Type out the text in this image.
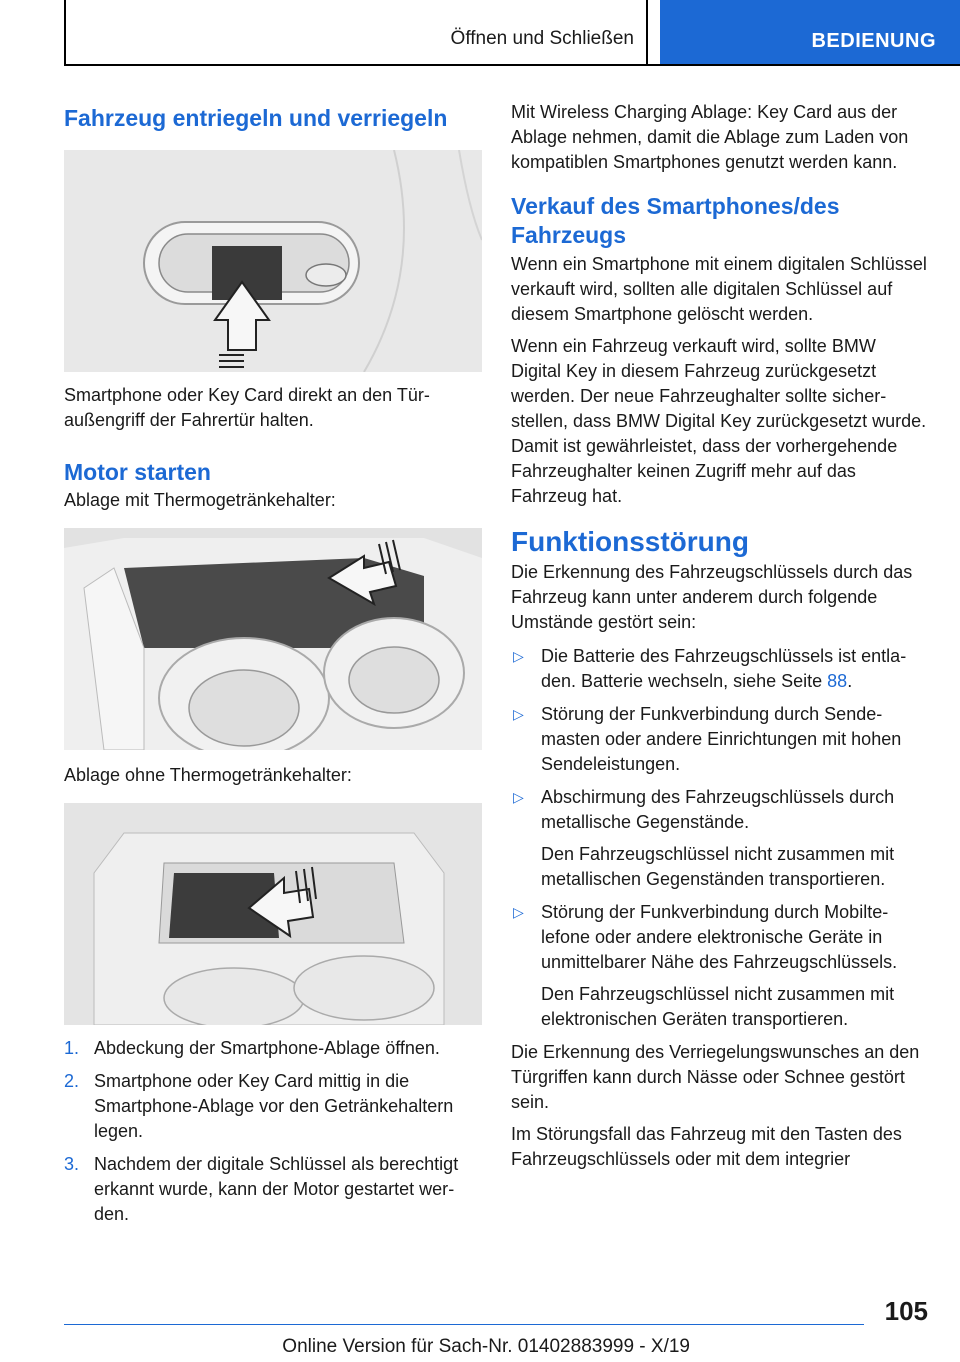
Öffnen und Schließen	BEDIENUNG
Fahrzeug entriegeln und verriegeln

Smartphone oder Key Card direkt an den Türaußengriff der Fahrertür halten.

Motor starten

Ablage mit Thermogetränkehalter:

Ablage ohne Thermogetränkehalter:

1. Abdeckung der Smartphone-Ablage öffnen.
2. Smartphone oder Key Card mittig in die Smartphone-Ablage vor den Getränkehaltern legen.
3. Nachdem der digitale Schlüssel als berechtigt erkannt wurde, kann der Motor gestartet werden.

Mit Wireless Charging Ablage: Key Card aus der Ablage nehmen, damit die Ablage zum Laden von kompatiblen Smartphones genutzt werden kann.

Verkauf des Smartphones/des Fahrzeugs

Wenn ein Smartphone mit einem digitalen Schlüssel verkauft wird, sollten alle digitalen Schlüssel auf diesem Smartphone gelöscht werden.

Wenn ein Fahrzeug verkauft wird, sollte BMW Digital Key in diesem Fahrzeug zurückgesetzt werden. Der neue Fahrzeughalter sollte sicherstellen, dass BMW Digital Key zurückgesetzt wurde. Damit ist gewährleistet, dass der vorhergehende Fahrzeughalter keinen Zugriff mehr auf das Fahrzeug hat.

Funktionsstörung

Die Erkennung des Fahrzeugschlüssels durch das Fahrzeug kann unter anderem durch folgende Umstände gestört sein:

▷ Die Batterie des Fahrzeugschlüssels ist entladen. Batterie wechseln, siehe Seite 88.
▷ Störung der Funkverbindung durch Sendemasten oder andere Einrichtungen mit hohen Sendeleistungen.
▷ Abschirmung des Fahrzeugschlüssels durch metallische Gegenstände.

Den Fahrzeugschlüssel nicht zusammen mit metallischen Gegenständen transportieren.

▷ Störung der Funkverbindung durch Mobiltelefone oder andere elektronische Geräte in unmittelbarer Nähe des Fahrzeugschlüssels.

Den Fahrzeugschlüssel nicht zusammen mit elektronischen Geräten transportieren.

Die Erkennung des Verriegelungswunsches an den Türgriffen kann durch Nässe oder Schnee gestört sein.

Im Störungsfall das Fahrzeug mit den Tasten des Fahrzeugschlüssels oder mit dem integrier

105
Online Version für Sach-Nr. 01402883999 - X/19
